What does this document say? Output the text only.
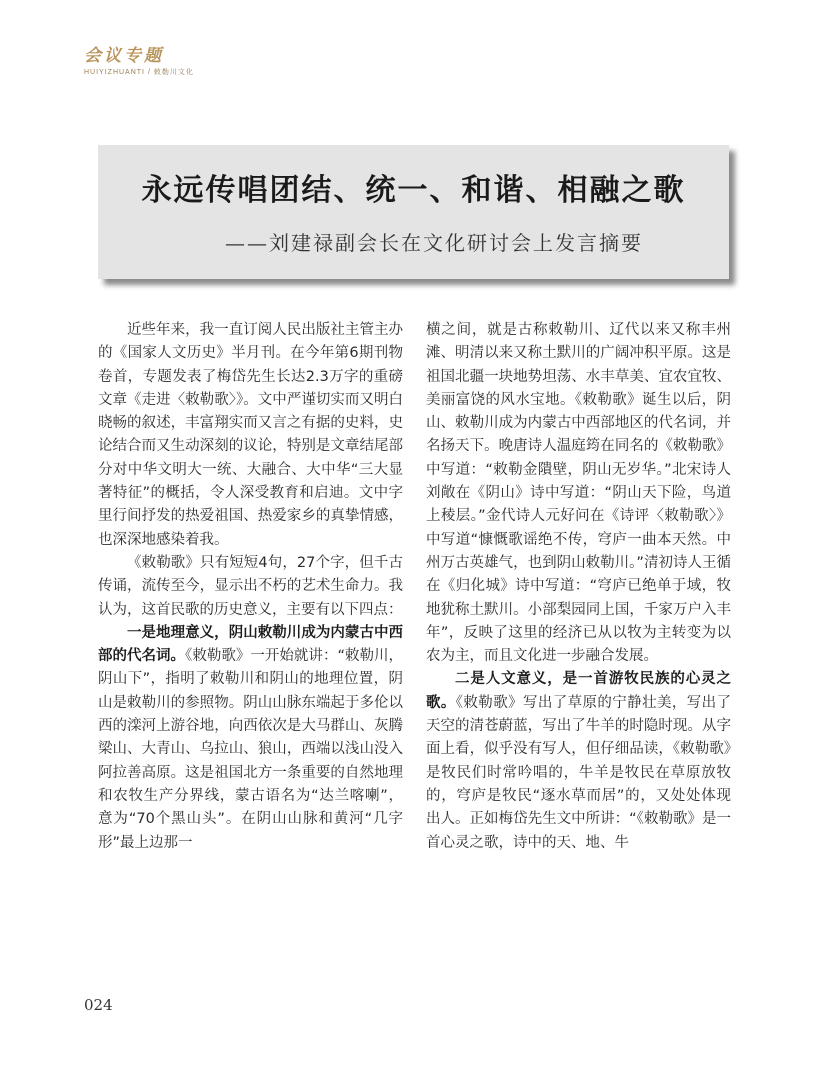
会议专题
HUIYIZHUANTI / 敕勒川文化
永远传唱团结、统一、和谐、相融之歌
——刘建禄副会长在文化研讨会上发言摘要

近些年来，我一直订阅人民出版社主管主办的《国家人文历史》半月刊。在今年第6期刊物卷首，专题发表了梅岱先生长达2.3万字的重磅文章《走进〈敕勒歌〉》。文中严谨切实而又明白晓畅的叙述，丰富翔实而又言之有据的史料，史论结合而又生动深刻的议论，特别是文章结尾部分对中华文明大一统、大融合、大中华“三大显著特征”的概括，令人深受教育和启迪。文中字里行间抒发的热爱祖国、热爱家乡的真挚情感，也深深地感染着我。

《敕勒歌》只有短短4句，27个字，但千古传诵，流传至今，显示出不朽的艺术生命力。我认为，这首民歌的历史意义，主要有以下四点：

一是地理意义，阴山敕勒川成为内蒙古中西部的代名词。《敕勒歌》一开始就讲：“敕勒川，阴山下”，指明了敕勒川和阴山的地理位置，阴山是敕勒川的参照物。阴山山脉东端起于多伦以西的滦河上游谷地，向西依次是大马群山、灰腾梁山、大青山、乌拉山、狼山，西端以浅山没入阿拉善高原。这是祖国北方一条重要的自然地理和农牧生产分界线，蒙古语名为“达兰喀喇”，意为“70个黑山头”。在阴山山脉和黄河“几字形”最上边那一

横之间，就是古称敕勒川、辽代以来又称丰州滩、明清以来又称土默川的广阔冲积平原。这是祖国北疆一块地势坦荡、水丰草美、宜农宜牧、美丽富饶的风水宝地。《敕勒歌》诞生以后，阴山、敕勒川成为内蒙古中西部地区的代名词，并名扬天下。晚唐诗人温庭筠在同名的《敕勒歌》中写道：“敕勒金隤壁，阴山无岁华。”北宋诗人刘敞在《阴山》诗中写道：“阴山天下险，鸟道上稜层。”金代诗人元好问在《诗评〈敕勒歌〉》中写道“慷慨歌谣绝不传，穹庐一曲本天然。中州万古英雄气，也到阴山敕勒川。”清初诗人王循在《归化城》诗中写道：“穹庐已绝单于域，牧地犹称土默川。小部梨园同上国，千家万户入丰年”，反映了这里的经济已从以牧为主转变为以农为主，而且文化进一步融合发展。

二是人文意义，是一首游牧民族的心灵之歌。《敕勒歌》写出了草原的宁静壮美，写出了天空的清苍蔚蓝，写出了牛羊的时隐时现。从字面上看，似乎没有写人，但仔细品读，《敕勒歌》是牧民们时常吟唱的，牛羊是牧民在草原放牧的，穹庐是牧民“逐水草而居”的，又处处体现出人。正如梅岱先生文中所讲：“《敕勒歌》是一首心灵之歌，诗中的天、地、牛

024
